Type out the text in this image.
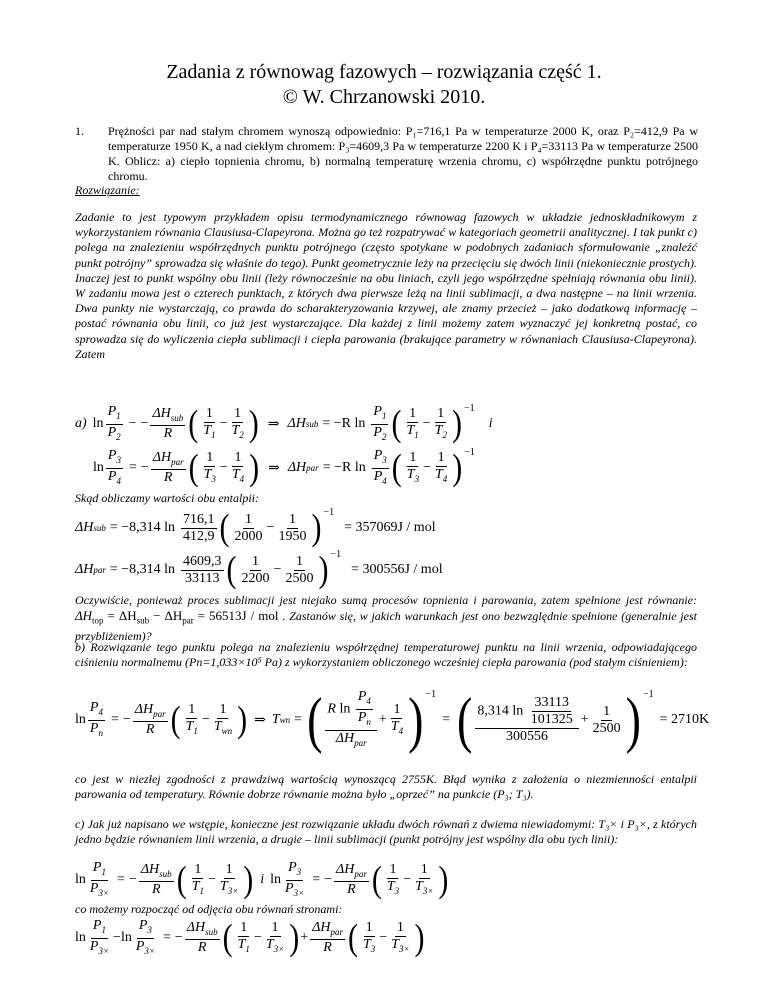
Zadania z równowag fazowych – rozwiązania część 1.
© W. Chrzanowski 2010.
1. Prężności par nad stałym chromem wynoszą odpowiednio: P₁=716,1 Pa w temperaturze 2000 K, oraz P₂=412,9 Pa w temperaturze 1950 K, a nad ciekłym chromem: P₃=4609,3 Pa w temperaturze 2200 K i P₄=33113 Pa w temperaturze 2500 K. Oblicz: a) ciepło topnienia chromu, b) normalną temperaturę wrzenia chromu, c) współrzędne punktu potrójnego chromu.
Rozwiązanie:
Zadanie to jest typowym przykładem opisu termodynamicznego równowag fazowych w układzie jednoskładnikowym z wykorzystaniem równania Clausiusa-Clapeyrona. Można go też rozpatrywać w kategoriach geometrii analitycznej. I tak punkt c) polega na znalezieniu współrzędnych punktu potrójnego (często spotykane w podobnych zadaniach sformułowanie „znaleźć punkt potrójny” sprowadza się właśnie do tego). Punkt geometrycznie leży na przecięciu się dwóch linii (niekoniecznie prostych). Inaczej jest to punkt wspólny obu linii (leży równocześnie na obu liniach, czyli jego współrzędne spełniają równania obu linii). W zadaniu mowa jest o czterech punktach, z których dwa pierwsze leżą na linii sublimacji, a dwa następne – na linii wrzenia. Dwa punkty nie wystarczają, co prawda do scharakteryzowania krzywej, ale znamy przecież – jako dodatkową informację – postać równania obu linii, co już jest wystarczające. Dla każdej z linii możemy zatem wyznaczyć jej konkretną postać, co sprowadza się do wyliczenia ciepła sublimacji i ciepła parowania (brakujące parametry w równaniach Clausiusa-Clapeyrona). Zatem
a) $\ln \frac{P_1}{P_2}$ − − $\frac{\Delta H_{sub}}{R}$ ( $\frac{1}{T_1} - \frac{1}{T_2}$ ) ⇒ ΔH sub = −R $\ln \frac{P_1}{P_2}$ ( $\frac{1}{T_1} - \frac{1}{T_2}$ ) −1
i
$\ln \frac{P_3}{P_4}$ = − $\frac{\Delta H_{par}}{R}$ ( $\frac{1}{T_3} - \frac{1}{T_4}$ ) ⇒ ΔH par = −R $\ln \frac{P_3}{P_4}$ ( $\frac{1}{T_3} - \frac{1}{T_4}$ ) −1
Skąd obliczamy wartości obu entalpii:
ΔH sub = −8,314 $\ln \frac{716,1}{412,9}$ ( $\frac{1}{2000} - \frac{1}{1950}$ ) −1
= 357069J / mol
ΔH par = −8,314 $\ln \frac{4609,3}{33113}$ ( $\frac{1}{2200} - \frac{1}{2500}$ ) −1
= 300556J / mol
Oczywiście, ponieważ proces sublimacji jest niejako sumą procesów topnienia i parowania, zatem spełnione jest równanie: $\Delta H_{top} = \Delta H_{sub} - \Delta H_{par} = 56513J$ / mol . Zastanów się, w jakich warunkach jest ono bezwzględnie spełnione (generalnie jest przybliżeniem)?
b) Rozwiązanie tego punktu polega na znalezieniu współrzędnej temperaturowej punktu na linii wrzenia, odpowiadającego ciśnieniu normalnemu (Pn=1,033×10⁵ Pa) z wykorzystaniem obliczonego wcześniej ciepła parowania (pod stałym ciśnieniem):
$\ln \frac{P_4}{P_n}$ = − $\frac{\Delta H_{par}}{R}$ ( $\frac{1}{T_1} - \frac{1}{T_{wn}}$ ) ⇒ T wn = ( $\frac{R \ln \frac{P_4}{P_n}}{\Delta H_{par}} + \frac{1}{T_4}$ ) −1
= ( $\frac{8,314 \ln \frac{33113}{101325}}{300556} + \frac{1}{2500}$ ) −1
= 2710K
co jest w niezłej zgodności z prawdziwą wartością wynoszącą 2755K. Błąd wynika z założenia o niezmienności entalpii parowania od temperatury. Równie dobrze równanie można było „oprzeć” na punkcie (P₃; T₃).
c) Jak już napisano we wstępie, konieczne jest rozwiązanie układu dwóch równań z dwiema niewiadomymi: T₃× i P₃×, z których jedno będzie równaniem linii wrzenia, a drugie – linii sublimacji (punkt potrójny jest wspólny dla obu tych linii):
$\ln \frac{P_1}{P_{3\times}}$ = − $\frac{\Delta H_{sub}}{R}$ ( $\frac{1}{T_1} - \frac{1}{T_{3\times}}$ ) i $\ln \frac{P_3}{P_{3\times}}$ = − $\frac{\Delta H_{par}}{R}$ ( $\frac{1}{T_3} - \frac{1}{T_{3\times}}$ )
co możemy rozpocząć od odjęcia obu równań stronami:
$\ln \frac{P_1}{P_{3\times}} - \ln \frac{P_3}{P_{3\times}}$ = − $\frac{\Delta H_{sub}}{R}$ ( $\frac{1}{T_1} - \frac{1}{T_{3\times}}$ ) + $\frac{\Delta H_{par}}{R}$ ( $\frac{1}{T_3} - \frac{1}{T_{3\times}}$ )
